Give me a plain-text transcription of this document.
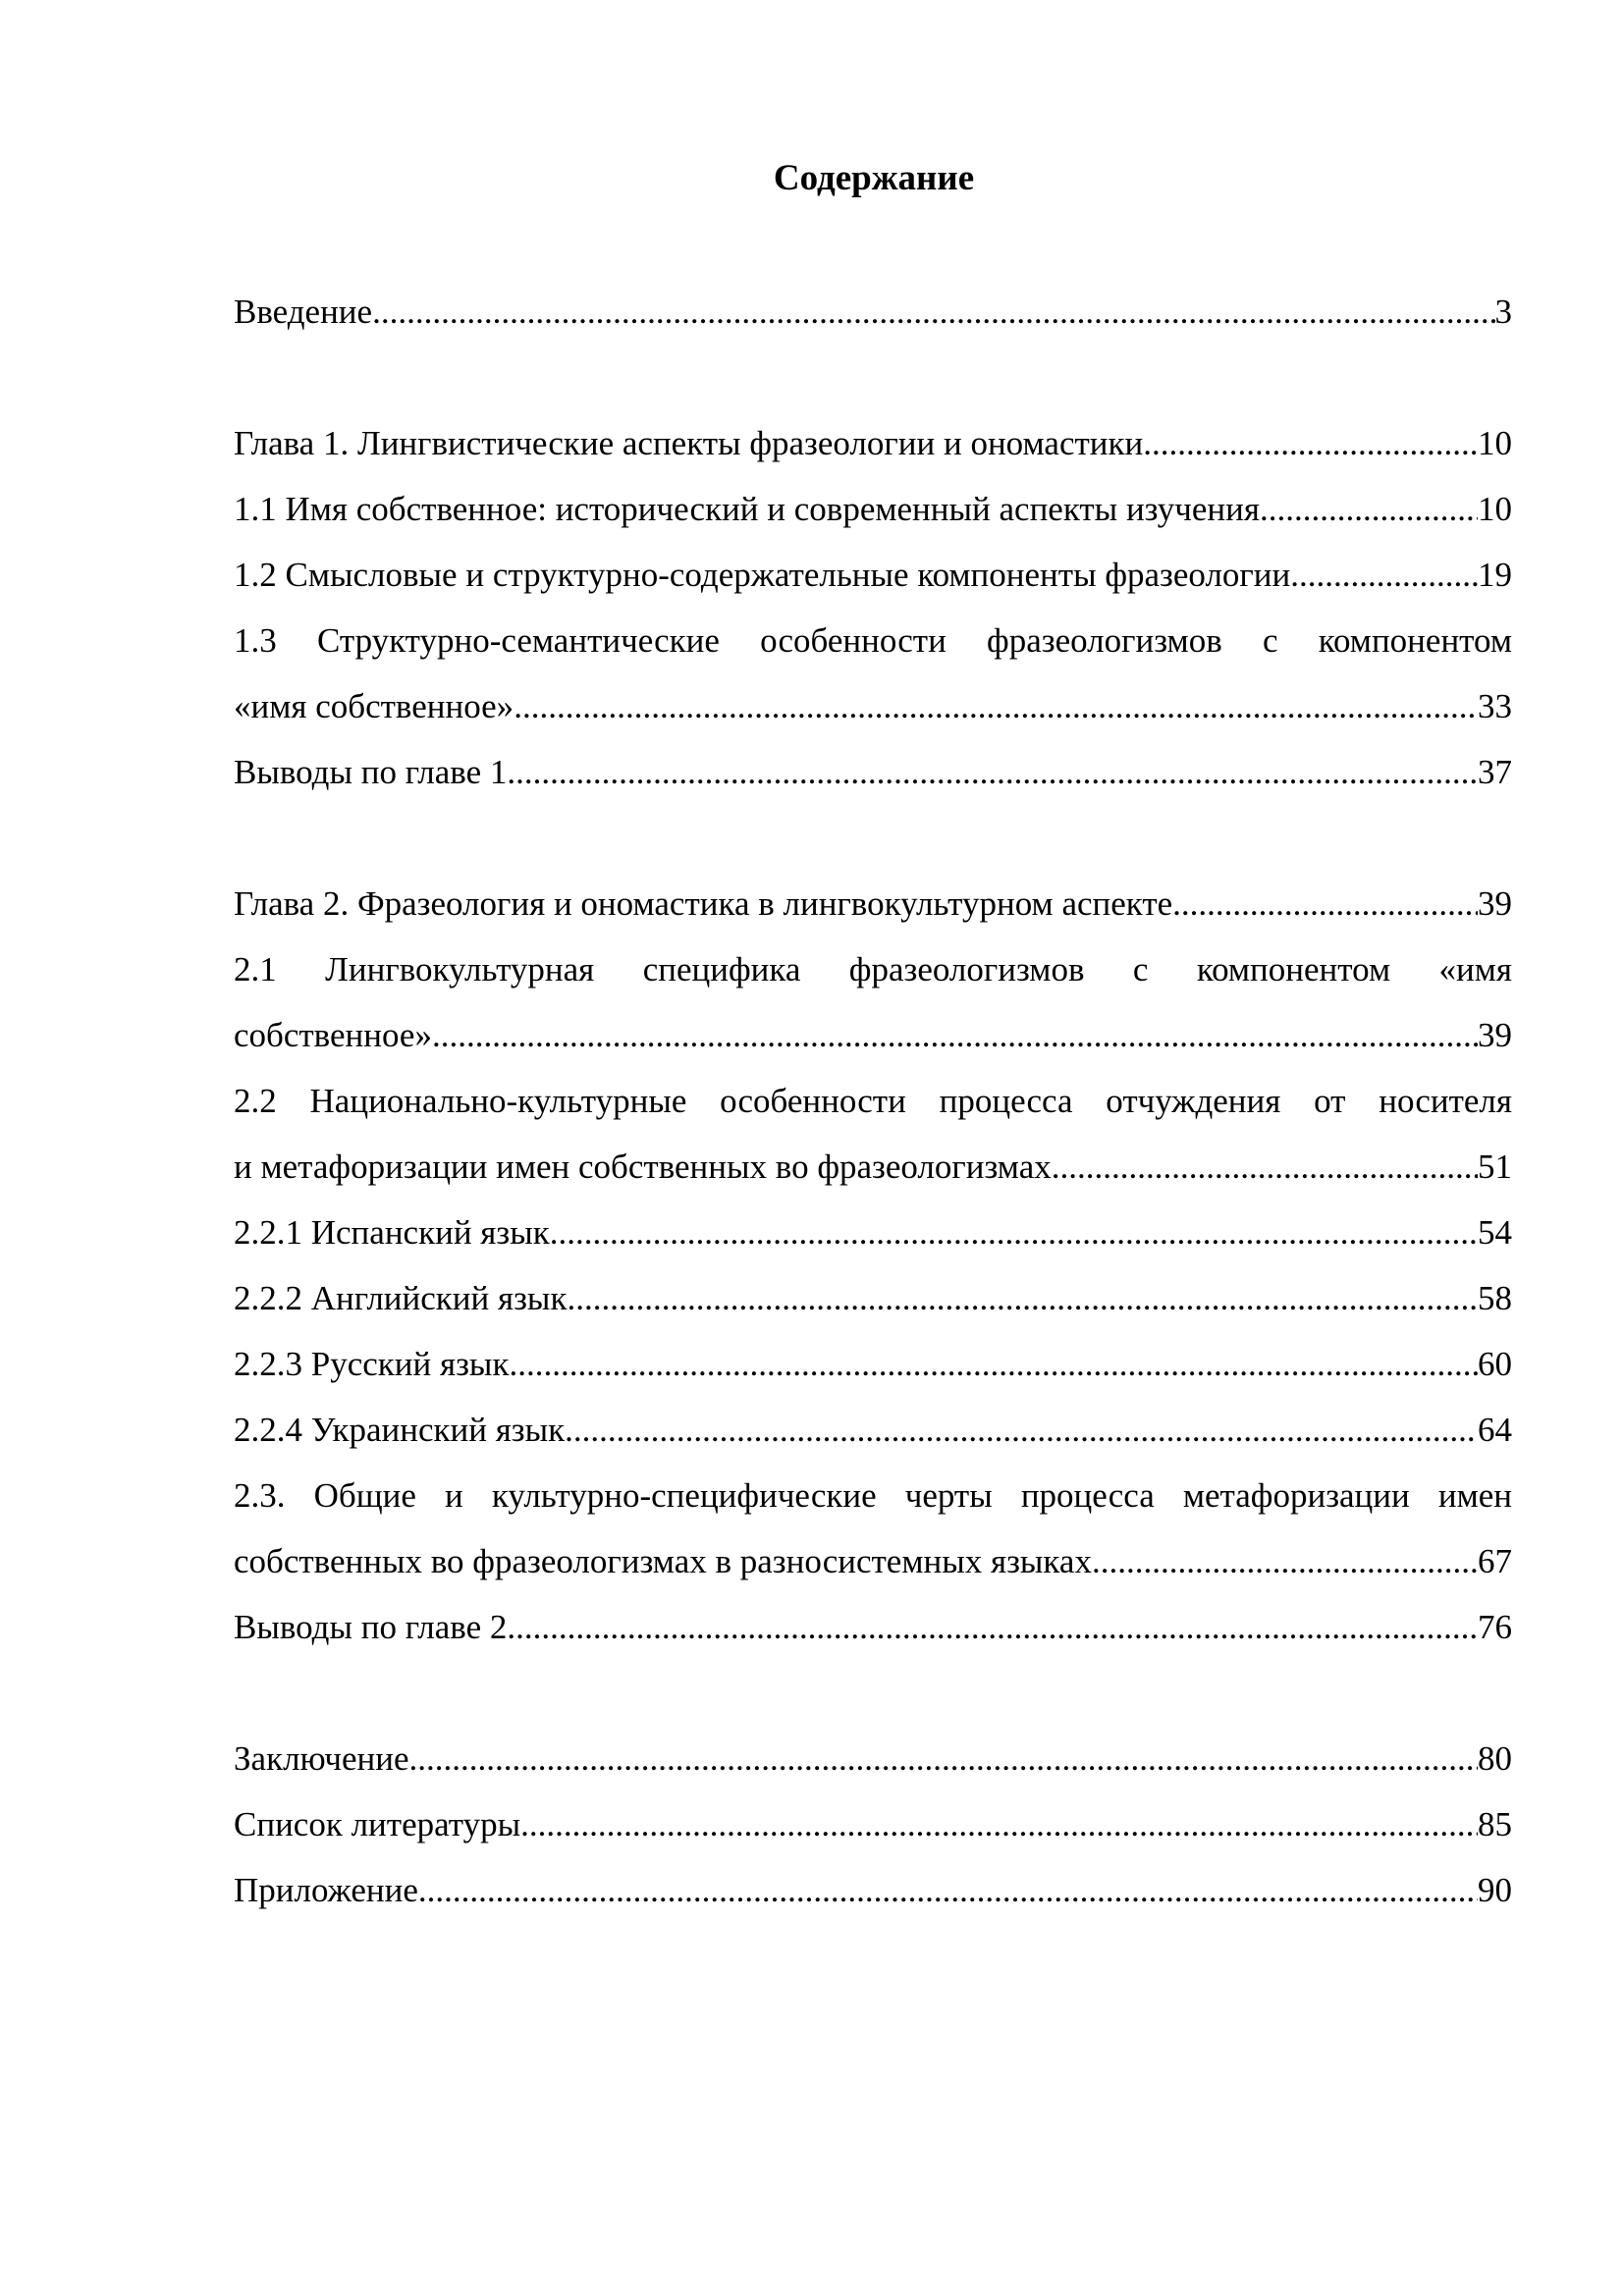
Содержание
Введение .....	3
Глава 1. Лингвистические аспекты фразеологии и ономастики .....	10
1.1 Имя собственное: исторический и современный аспекты изучения .....	10
1.2 Смысловые и структурно-содержательные компоненты фразеологии .....	19
1.3 Структурно-семантические особенности фразеологизмов с компонентом
«имя собственное» .....	33
Выводы по главе 1 .....	37
Глава 2. Фразеология и ономастика в лингвокультурном аспекте .....	39
2.1 Лингвокультурная специфика фразеологизмов с компонентом «имя
собственное» .....	39
2.2 Национально-культурные особенности процесса отчуждения от носителя
и метафоризации имен собственных во фразеологизмах .....	51
2.2.1 Испанский язык .....	54
2.2.2 Английский язык .....	58
2.2.3 Русский язык .....	60
2.2.4 Украинский язык .....	64
2.3. Общие и культурно-специфические черты процесса метафоризации имен
собственных во фразеологизмах в разносистемных языках .....	67
Выводы по главе 2 .....	76
Заключение .....	80
Список литературы .....	85
Приложение .....	90
